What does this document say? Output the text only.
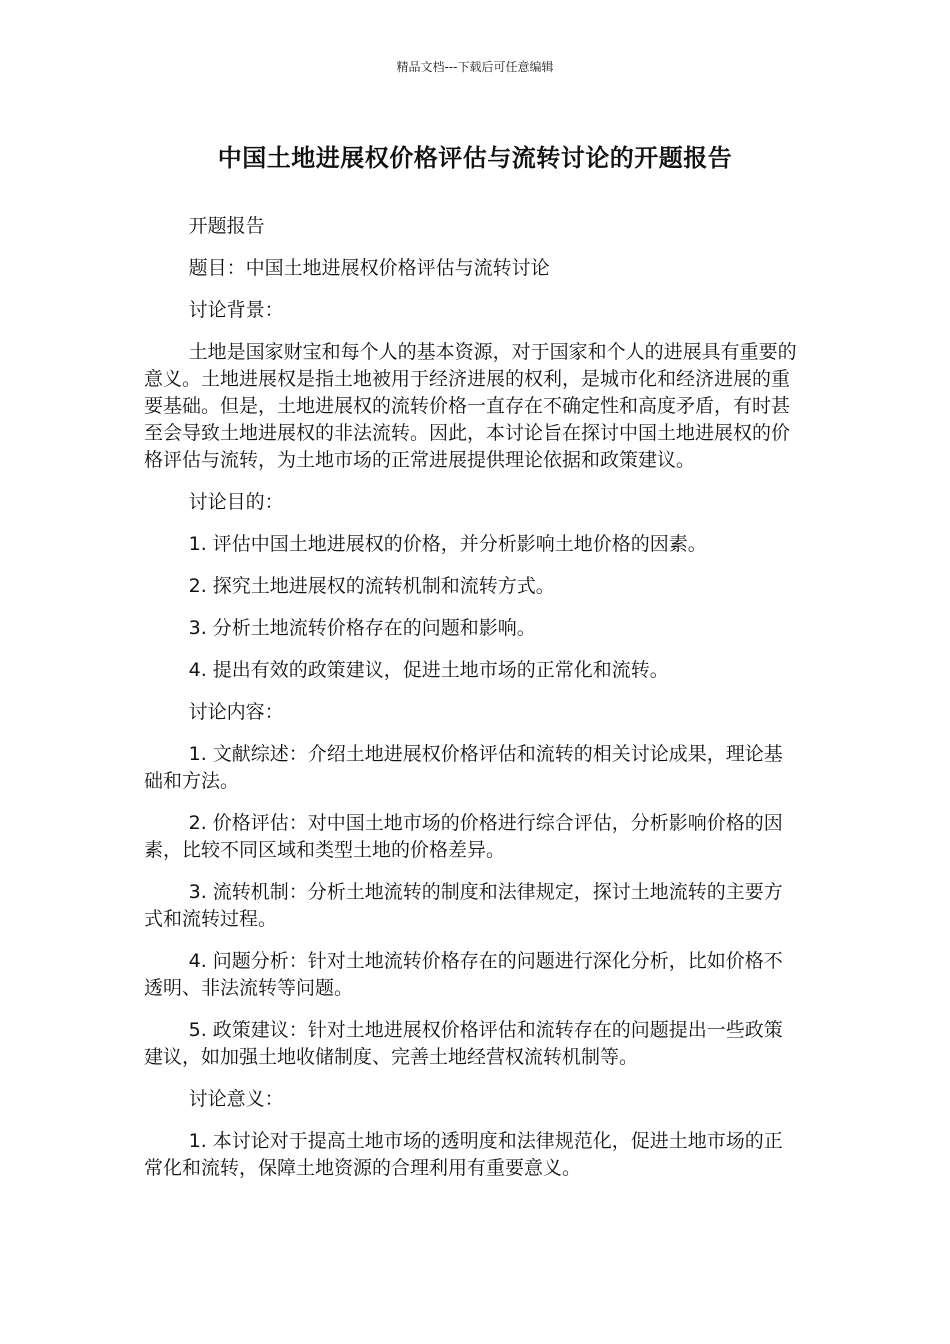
精品文档---下载后可任意编辑
中国土地进展权价格评估与流转讨论的开题报告

开题报告

题目：中国土地进展权价格评估与流转讨论

讨论背景：

土地是国家财宝和每个人的基本资源，对于国家和个人的进展具有重要的意义。土地进展权是指土地被用于经济进展的权利，是城市化和经济进展的重要基础。但是，土地进展权的流转价格一直存在不确定性和高度矛盾，有时甚至会导致土地进展权的非法流转。因此，本讨论旨在探讨中国土地进展权的价格评估与流转，为土地市场的正常进展提供理论依据和政策建议。

讨论目的：

1. 评估中国土地进展权的价格，并分析影响土地价格的因素。

2. 探究土地进展权的流转机制和流转方式。

3. 分析土地流转价格存在的问题和影响。

4. 提出有效的政策建议，促进土地市场的正常化和流转。

讨论内容：

1. 文献综述：介绍土地进展权价格评估和流转的相关讨论成果，理论基础和方法。

2. 价格评估：对中国土地市场的价格进行综合评估，分析影响价格的因素，比较不同区域和类型土地的价格差异。

3. 流转机制：分析土地流转的制度和法律规定，探讨土地流转的主要方式和流转过程。

4. 问题分析：针对土地流转价格存在的问题进行深化分析，比如价格不透明、非法流转等问题。

5. 政策建议：针对土地进展权价格评估和流转存在的问题提出一些政策建议，如加强土地收储制度、完善土地经营权流转机制等。

讨论意义：

1. 本讨论对于提高土地市场的透明度和法律规范化，促进土地市场的正常化和流转，保障土地资源的合理利用有重要意义。
